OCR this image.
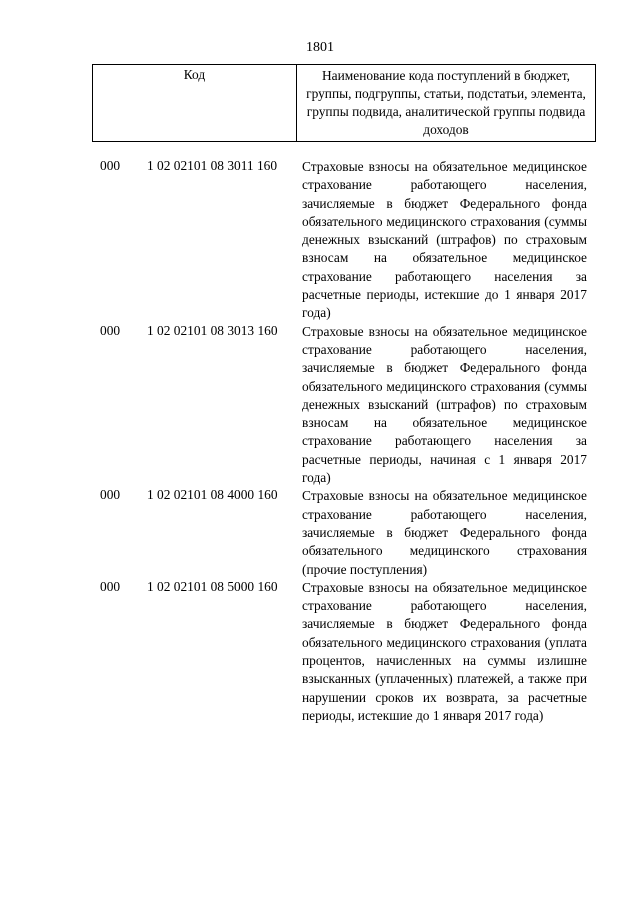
1801
Код	Наименование кода поступлений в бюджет, группы, подгруппы, статьи, подстатьи, элемента, группы подвида, аналитической группы подвида доходов
000 1 02 02101 08 3011 160 Страховые взносы на обязательное медицинское страхование работающего населения, зачисляемые в бюджет Федерального фонда обязательного медицинского страхования (суммы денежных взысканий (штрафов) по страховым взносам на обязательное медицинское страхование работающего населения за расчетные периоды, истекшие до 1 января 2017 года)
000 1 02 02101 08 3013 160 Страховые взносы на обязательное медицинское страхование работающего населения, зачисляемые в бюджет Федерального фонда обязательного медицинского страхования (суммы денежных взысканий (штрафов) по страховым взносам на обязательное медицинское страхование работающего населения за расчетные периоды, начиная с 1 января 2017 года)
000 1 02 02101 08 4000 160 Страховые взносы на обязательное медицинское страхование работающего населения, зачисляемые в бюджет Федерального фонда обязательного медицинского страхования (прочие поступления)
000 1 02 02101 08 5000 160 Страховые взносы на обязательное медицинское страхование работающего населения, зачисляемые в бюджет Федерального фонда обязательного медицинского страхования (уплата процентов, начисленных на суммы излишне взысканных (уплаченных) платежей, а также при нарушении сроков их возврата, за расчетные периоды, истекшие до 1 января 2017 года)
